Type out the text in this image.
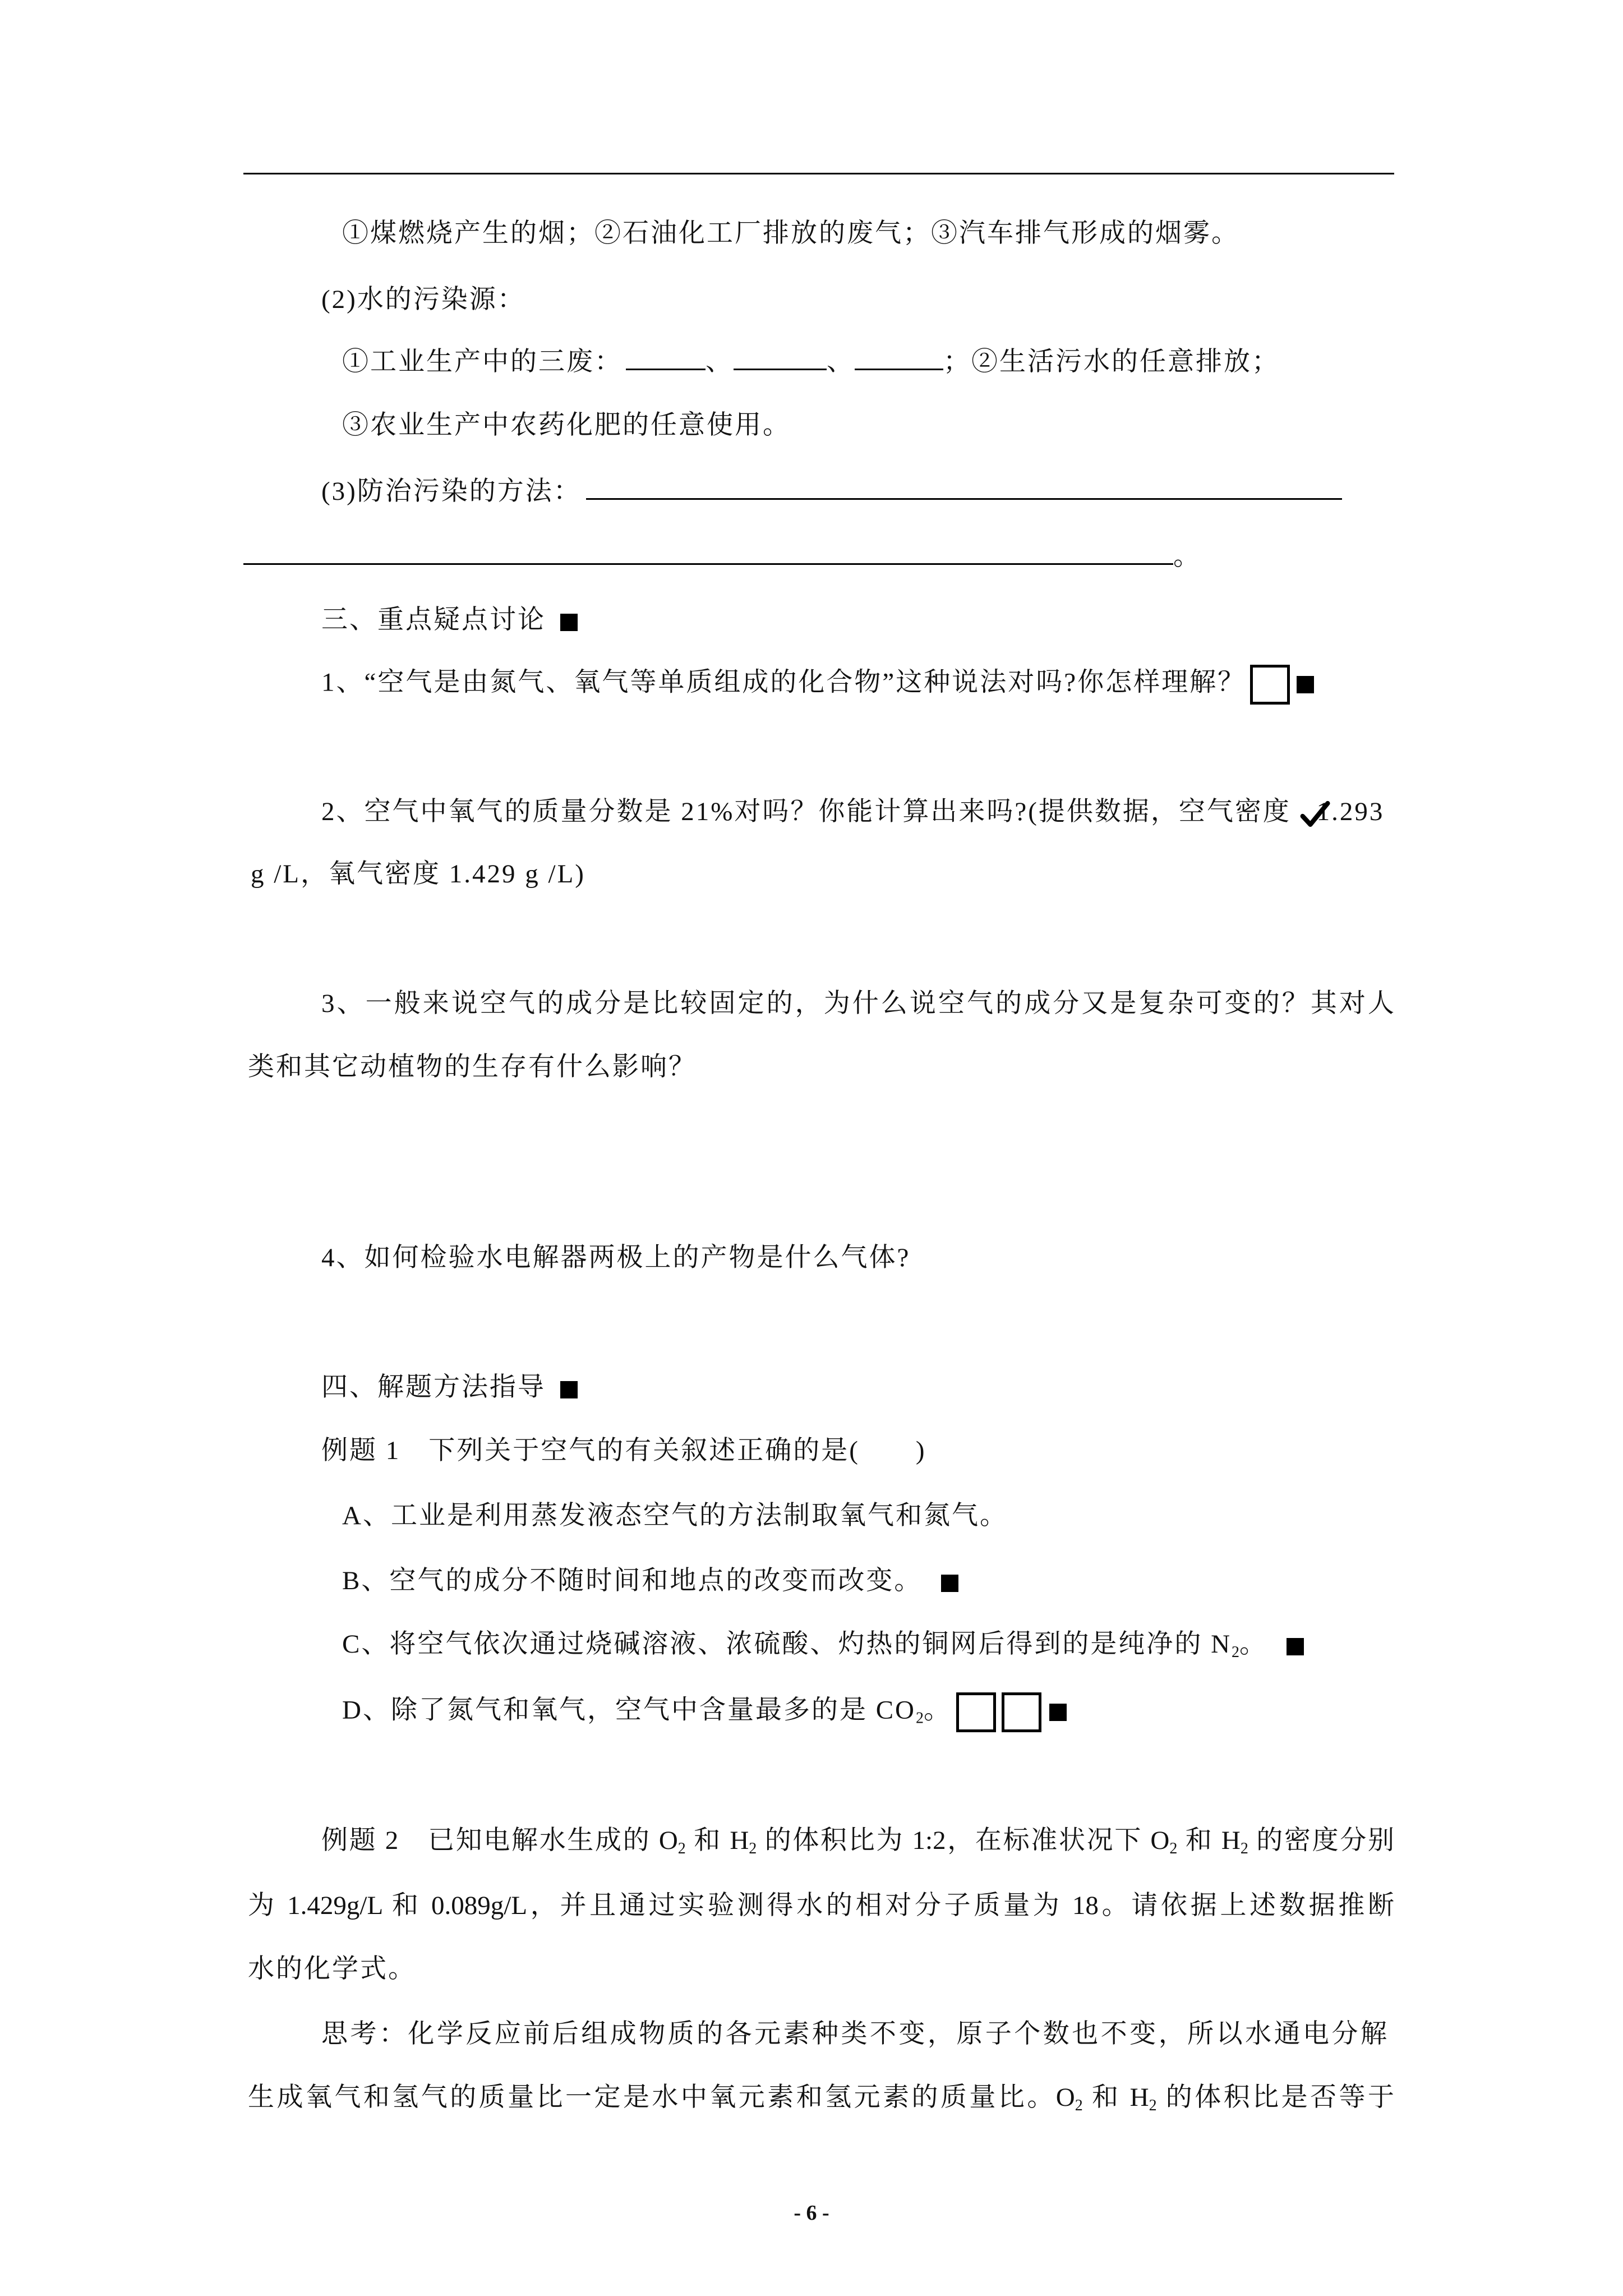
①煤燃烧产生的烟；②石油化工厂排放的废气；③汽车排气形成的烟雾。
(2)水的污染源：
①工业生产中的三废：	、	、	；②生活污水的任意排放；
③农业生产中农药化肥的任意使用。
(3)防治污染的方法：
。
三、重点疑点讨论
1、“空气是由氮气、氧气等单质组成的化合物”这种说法对吗?你怎样理解？
2、空气中氧气的质量分数是 21%对吗？你能计算出来吗?(提供数据，空气密度 1.293
g /L，氧气密度 1.429 g /L)
3、一般来说空气的成分是比较固定的，为什么说空气的成分又是复杂可变的？其对人
类和其它动植物的生存有什么影响？
4、如何检验水电解器两极上的产物是什么气体?
四、解题方法指导
例题 1 下列关于空气的有关叙述正确的是( )
A、工业是利用蒸发液态空气的方法制取氧气和氮气。
B、空气的成分不随时间和地点的改变而改变。
C、将空气依次通过烧碱溶液、浓硫酸、灼热的铜网后得到的是纯净的 $N_2$。
D、除了氮气和氧气，空气中含量最多的是 $CO_2$。
例题 2 已知电解水生成的 $O_2$ 和 $H_2$ 的体积比为 1:2，在标准状况下 $O_2$ 和 $H_2$ 的密度分别
为 1.429g/L 和 0.089g/L，并且通过实验测得水的相对分子质量为 18。请依据上述数据推断
水的化学式。
思考：化学反应前后组成物质的各元素种类不变，原子个数也不变，所以水通电分解
生成氧气和氢气的质量比一定是水中氧元素和氢元素的质量比。$O_2$ 和 $H_2$ 的体积比是否等于
- 6 -
